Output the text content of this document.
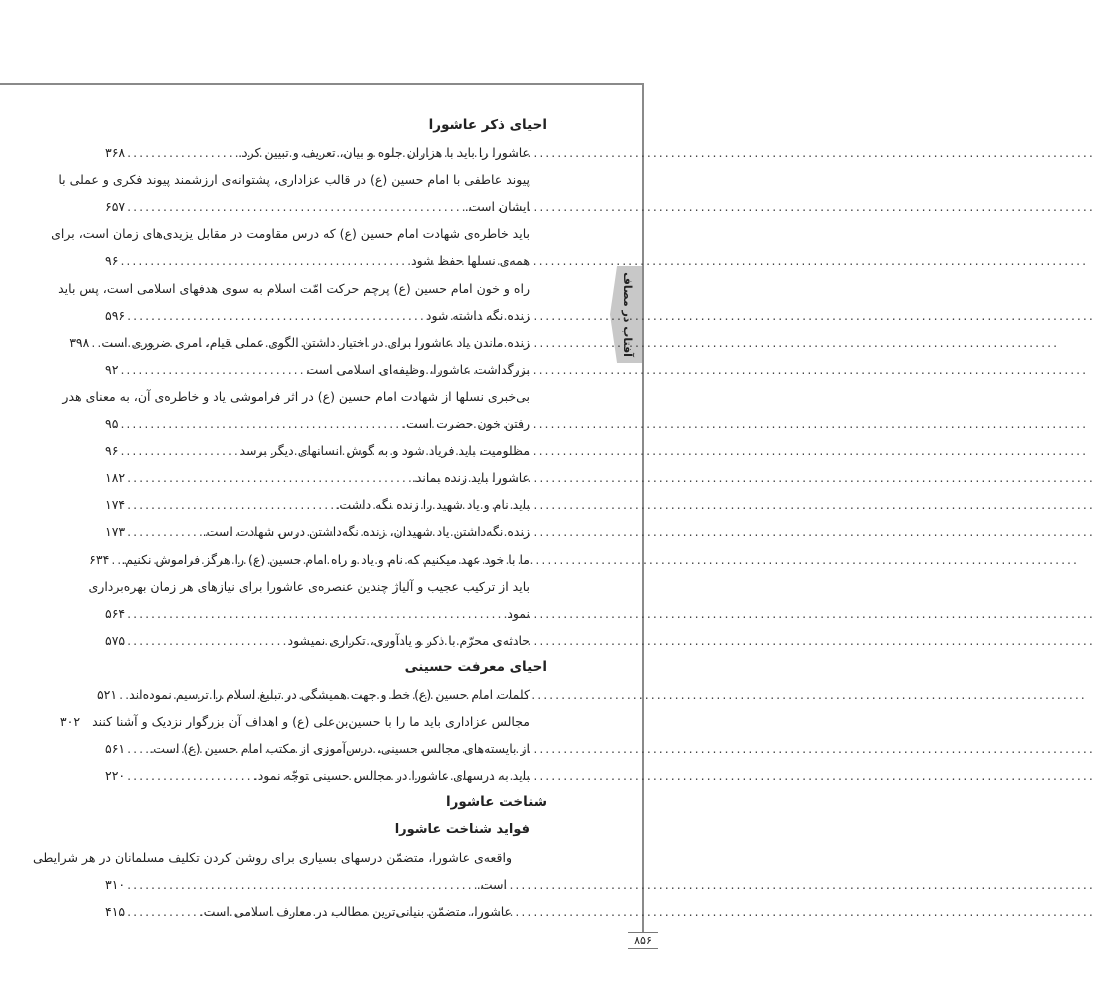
آفتاب در مصاف
۸۵۶
احیای ذکر عاشورا
عاشورا را باید با هزاران جلوه و بیان، تعریف و تبیین کرد.
.....
۳۶۸
پیوند عاطفی با امام حسین (ع) در قالب عزاداری، پشتوانه‌ی ارزشمند پیوند فکری و عملی با
ایشان است.
.....
۶۵۷
باید خاطره‌ی شهادت امام حسین (ع) که درس مقاومت در مقابل یزیدی‌های زمان است، برای
همه‌ی نسلها حفظ شود
.....
۹۶
راه و خون امام حسین (ع) پرچم حرکت امّت اسلام به سوی هدفهای اسلامی است، پس باید
زنده نگه داشته شود
.....
۵۹۶
زنده ماندن یاد عاشورا برای در اختیار داشتن الگوی عملی قیام، امری ضروری است
.....
۳۹۸
بزرگداشت عاشورا، وظیفه‌ای اسلامی است
.....
۹۲
بی‌خبری نسلها از شهادت امام حسین (ع) در اثر فراموشی یاد و خاطره‌ی آن، به معنای هدر
رفتن خون حضرت است.
.....
۹۵
مظلومیت باید فریاد شود و به گوش انسانهای دیگر برسد
.....
۹۶
عاشورا باید زنده بماند.
.....
۱۸۲
باید نام و یاد شهید را زنده نگه داشت.
.....
۱۷۴
زنده نگه‌داشتن یاد شهیدان، زنده نگه‌داشتن درس شهادت است.
.....
۱۷۳
ما با خود عهد میکنیم که نام و یاد و راه امام حسین (ع) را هرگز فراموش نکنیم.
.....
۶۳۴
باید از ترکیب عجیب و آلیاژ چندین عنصره‌ی عاشورا برای نیازهای هر زمان بهره‌برداری
نمود
.....
۵۶۴
حادثه‌ی محرّم با ذکر و یادآوری، تکراری نمیشود
.....
۵۷۵
احیای معرفت حسینی
کلمات امام حسین (ع) خط و جهت همیشگی در تبلیغ اسلام را ترسیم نموده‌اند
.....
۵۲۱
مجالس عزاداری باید ما را با حسین‌بن‌علی (ع) و اهداف آن بزرگوار نزدیک و آشنا کنند
۳۰۲
از بایسته‌های مجالس حسینی، درس‌آموزی از مکتب امام حسین (ع) است.
.....
۵۶۱
باید به درسهای عاشورا در مجالس حسینی توجّه نمود.
.....
۲۲۰
شناخت عاشورا
فواید شناخت عاشورا
واقعه‌ی عاشورا، متضمّن درسهای بسیاری برای روشن کردن تکلیف مسلمانان در هر شرایطی
است.
.....
۳۱۰
عاشورا، متضمّن بنیانی‌ترین مطالب در معارف اسلامی است.
.....
۴۱۵
